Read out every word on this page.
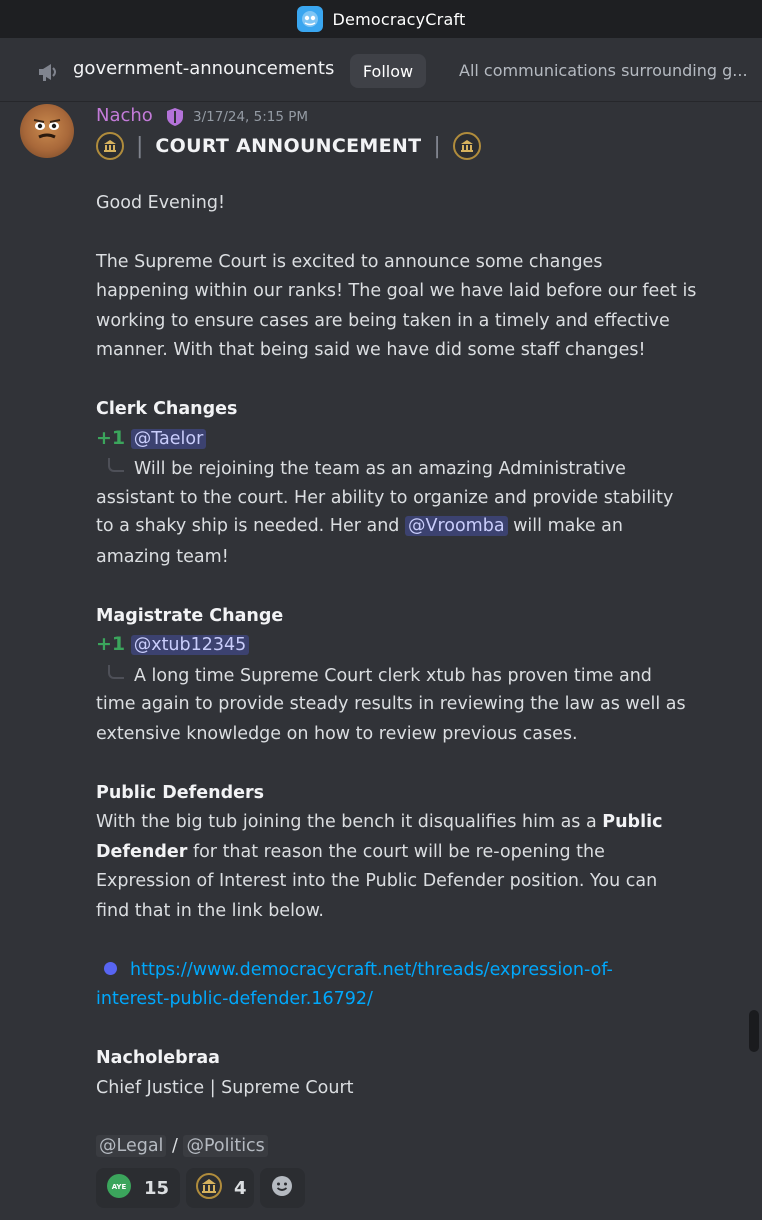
DemocracyCraft
government-announcements	Follow	All communications surrounding g...
Nacho	3/17/24, 5:15 PM
| COURT ANNOUNCEMENT |
Good Evening!
The Supreme Court is excited to announce some changes
happening within our ranks! The goal we have laid before our feet is
working to ensure cases are being taken in a timely and effective
manner. With that being said we have did some staff changes!
Clerk Changes
+1 @Taelor
Will be rejoining the team as an amazing Administrative
assistant to the court. Her ability to organize and provide stability
to a shaky ship is needed. Her and @Vroomba will make an
amazing team!
Magistrate Change
+1 @xtub12345
A long time Supreme Court clerk xtub has proven time and
time again to provide steady results in reviewing the law as well as
extensive knowledge on how to review previous cases.
Public Defenders
With the big tub joining the bench it disqualifies him as a Public
Defender for that reason the court will be re-opening the
Expression of Interest into the Public Defender position. You can
find that in the link below.
https://www.democracycraft.net/threads/expression-of-
interest-public-defender.16792/
Nacholebraa
Chief Justice | Supreme Court
@Legal / @Politics
AYE 15	4
